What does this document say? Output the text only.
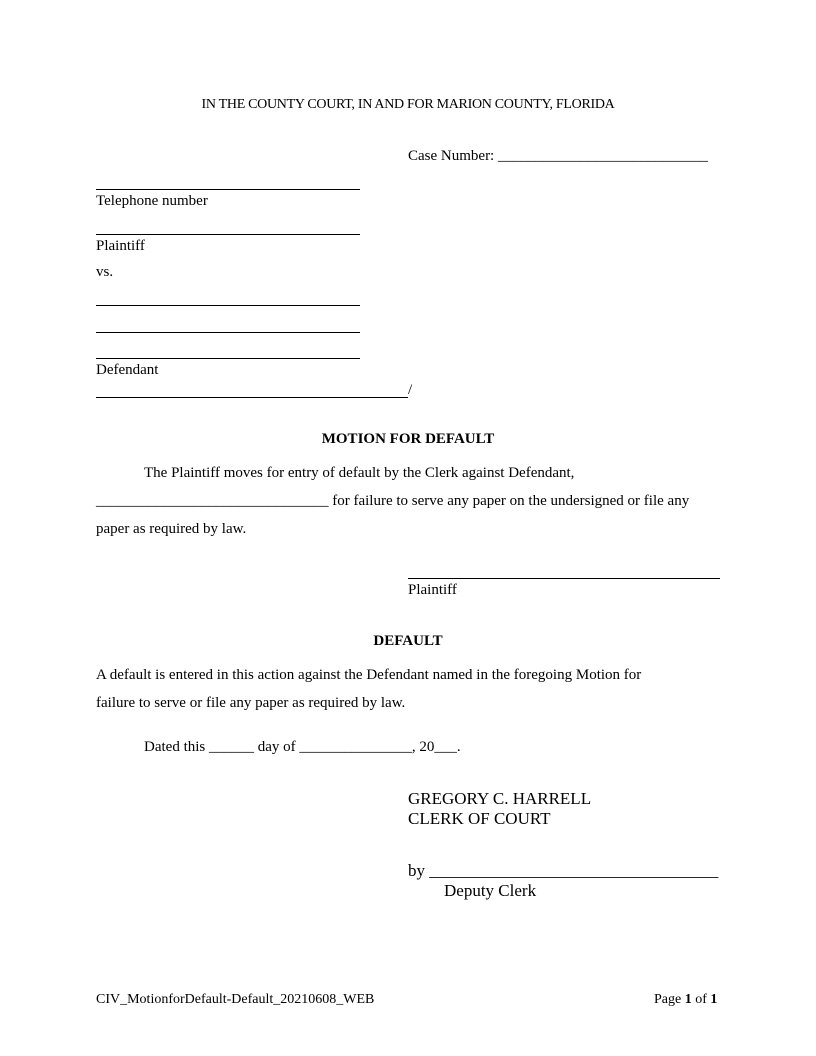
IN THE COUNTY COURT, IN AND FOR MARION COUNTY, FLORIDA
Case Number: ____________________________
Telephone number
Plaintiff
vs.
Defendant
/
MOTION FOR DEFAULT
The Plaintiff moves for entry of default by the Clerk against Defendant,
_______________________________ for failure to serve any paper on the undersigned or file any
paper as required by law.
Plaintiff
DEFAULT
A default is entered in this action against the Defendant named in the foregoing Motion for
failure to serve or file any paper as required by law.
Dated this ______ day of _______________, 20___.
GREGORY C. HARRELL
CLERK OF COURT
by __________________________________
Deputy Clerk
CIV_MotionforDefault-Default_20210608_WEB	Page 1 of 1
